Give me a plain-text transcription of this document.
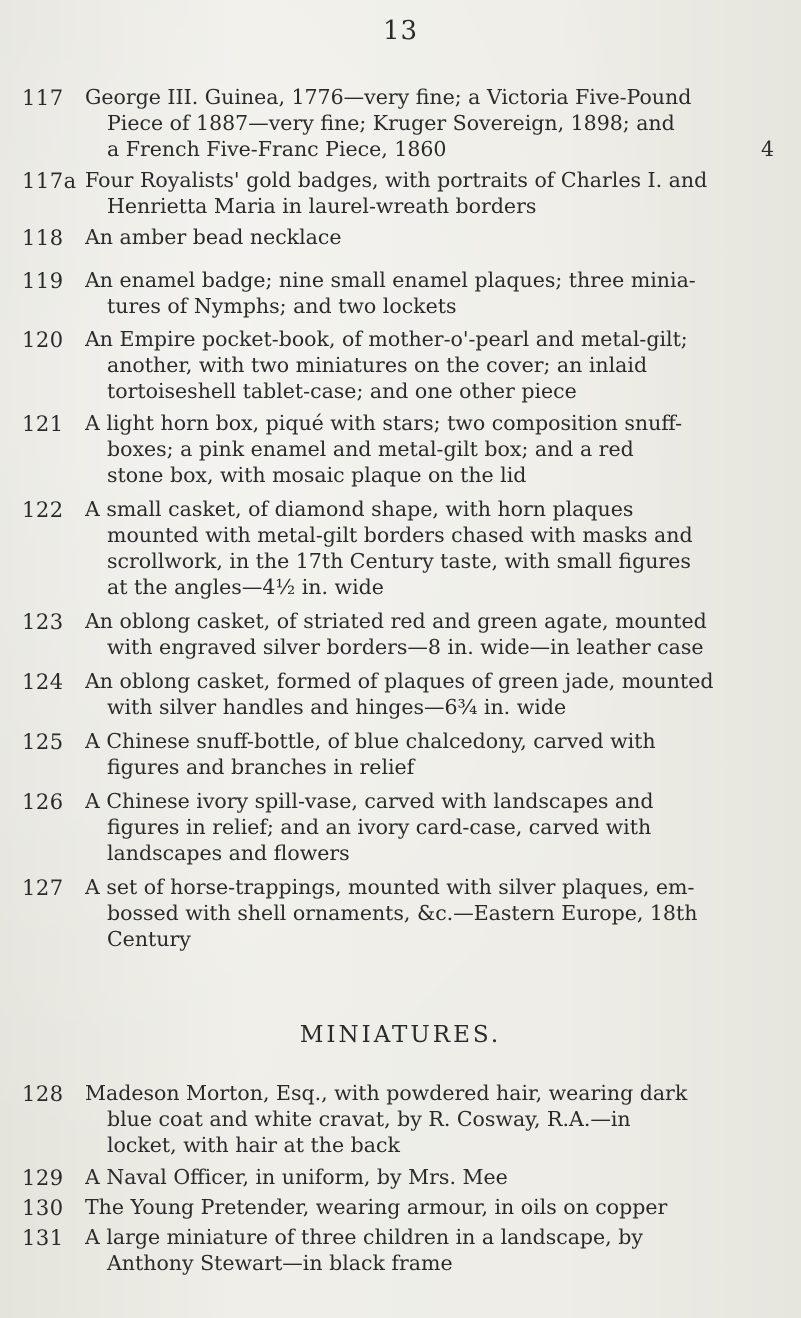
13
117	George III. Guinea, 1776—very fine; a Victoria Five-Pound
Piece of 1887—very fine; Kruger Sovereign, 1898; and
a French Five-Franc Piece, 1860	4
117a Four Royalists' gold badges, with portraits of Charles I. and
Henrietta Maria in laurel-wreath borders
118	An amber bead necklace
119	An enamel badge; nine small enamel plaques; three minia-
tures of Nymphs; and two lockets
120	An Empire pocket-book, of mother-o'-pearl and metal-gilt;
another, with two miniatures on the cover; an inlaid
tortoiseshell tablet-case; and one other piece
121	A light horn box, piqué with stars; two composition snuff-
boxes; a pink enamel and metal-gilt box; and a red
stone box, with mosaic plaque on the lid
122	A small casket, of diamond shape, with horn plaques
mounted with metal-gilt borders chased with masks and
scrollwork, in the 17th Century taste, with small figures
at the angles—4½ in. wide
123	An oblong casket, of striated red and green agate, mounted
with engraved silver borders—8 in. wide—in leather case
124	An oblong casket, formed of plaques of green jade, mounted
with silver handles and hinges—6¾ in. wide
125	A Chinese snuff-bottle, of blue chalcedony, carved with
figures and branches in relief
126	A Chinese ivory spill-vase, carved with landscapes and
figures in relief; and an ivory card-case, carved with
landscapes and flowers
127	A set of horse-trappings, mounted with silver plaques, em-
bossed with shell ornaments, &c.—Eastern Europe, 18th
Century
MINIATURES.
128	Madeson Morton, Esq., with powdered hair, wearing dark
blue coat and white cravat, by R. Cosway, R.A.—in
locket, with hair at the back
129	A Naval Officer, in uniform, by Mrs. Mee
130	The Young Pretender, wearing armour, in oils on copper
131	A large miniature of three children in a landscape, by
Anthony Stewart—in black frame
